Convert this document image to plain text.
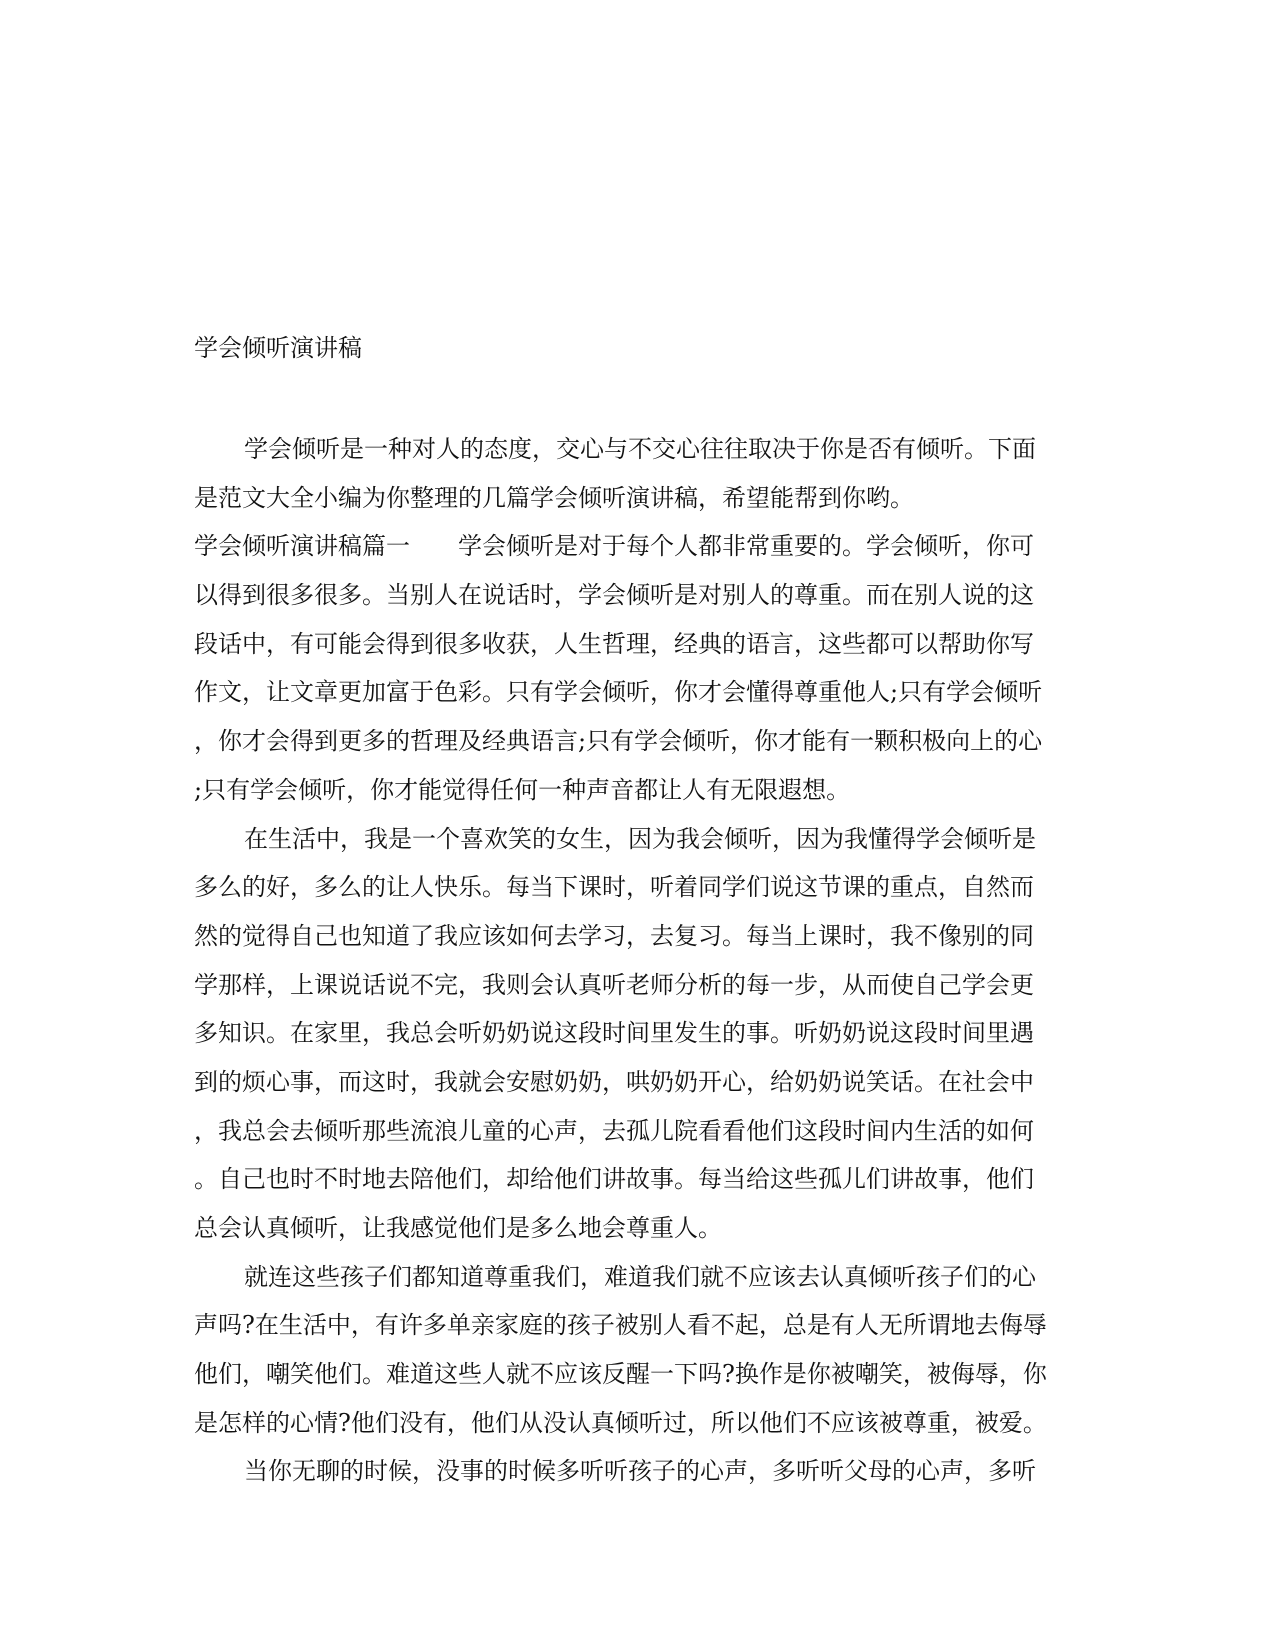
学会倾听演讲稿
学会倾听是一种对人的态度，交心与不交心往往取决于你是否有倾听。下面
是范文大全小编为你整理的几篇学会倾听演讲稿，希望能帮到你哟。
学会倾听演讲稿篇一　　学会倾听是对于每个人都非常重要的。学会倾听，你可
以得到很多很多。当别人在说话时，学会倾听是对别人的尊重。而在别人说的这
段话中，有可能会得到很多收获，人生哲理，经典的语言，这些都可以帮助你写
作文，让文章更加富于色彩。只有学会倾听，你才会懂得尊重他人;只有学会倾听
，你才会得到更多的哲理及经典语言;只有学会倾听，你才能有一颗积极向上的心
;只有学会倾听，你才能觉得任何一种声音都让人有无限遐想。
在生活中，我是一个喜欢笑的女生，因为我会倾听，因为我懂得学会倾听是
多么的好，多么的让人快乐。每当下课时，听着同学们说这节课的重点，自然而
然的觉得自己也知道了我应该如何去学习，去复习。每当上课时，我不像别的同
学那样，上课说话说不完，我则会认真听老师分析的每一步，从而使自己学会更
多知识。在家里，我总会听奶奶说这段时间里发生的事。听奶奶说这段时间里遇
到的烦心事，而这时，我就会安慰奶奶，哄奶奶开心，给奶奶说笑话。在社会中
，我总会去倾听那些流浪儿童的心声，去孤儿院看看他们这段时间内生活的如何
。自己也时不时地去陪他们，却给他们讲故事。每当给这些孤儿们讲故事，他们
总会认真倾听，让我感觉他们是多么地会尊重人。
就连这些孩子们都知道尊重我们，难道我们就不应该去认真倾听孩子们的心
声吗?在生活中，有许多单亲家庭的孩子被别人看不起，总是有人无所谓地去侮辱
他们，嘲笑他们。难道这些人就不应该反醒一下吗?换作是你被嘲笑，被侮辱，你
是怎样的心情?他们没有，他们从没认真倾听过，所以他们不应该被尊重，被爱。
当你无聊的时候，没事的时候多听听孩子的心声，多听听父母的心声，多听
